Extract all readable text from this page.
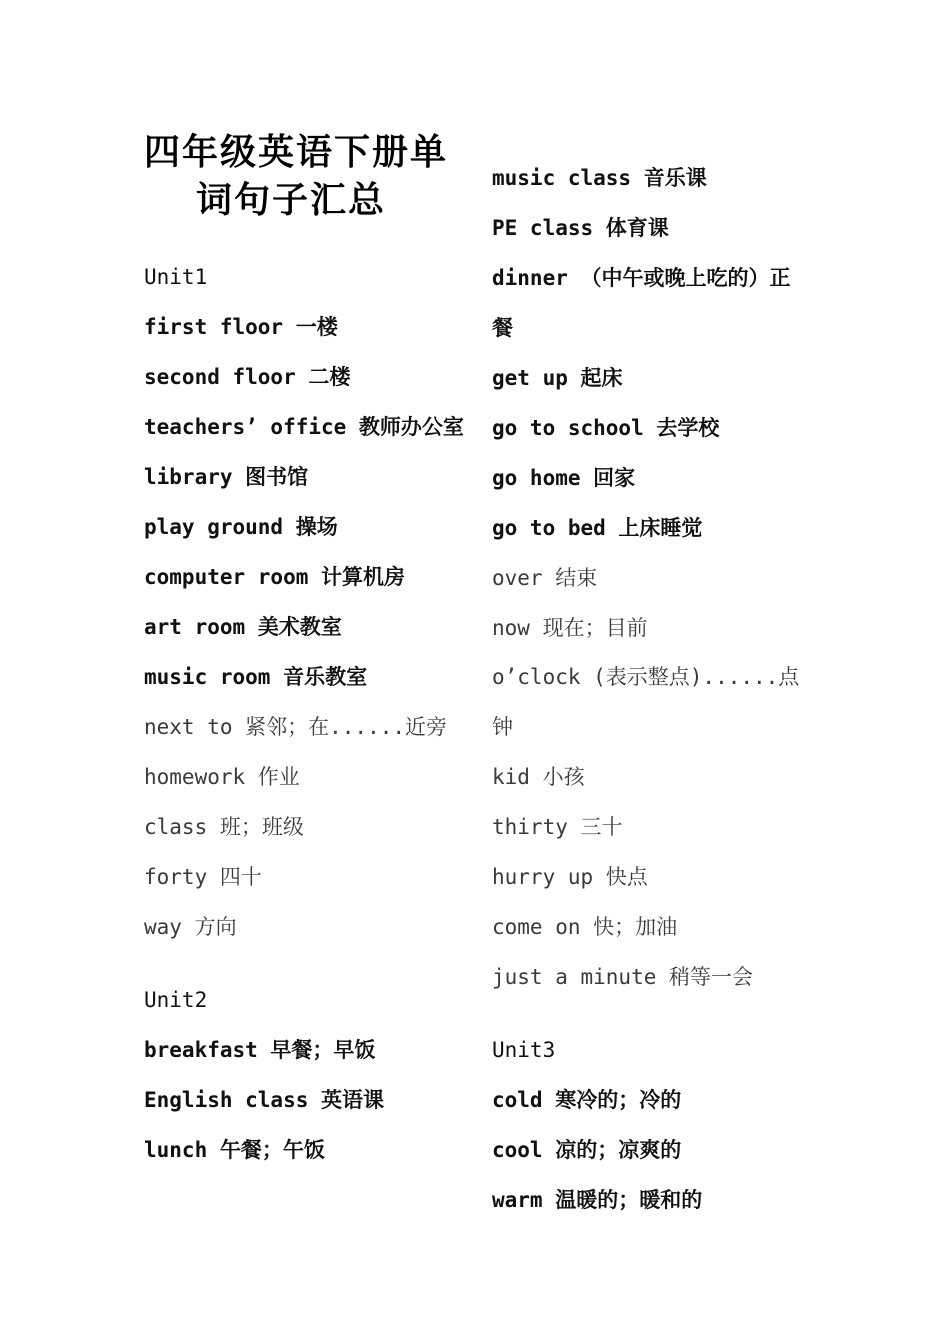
四年级英语下册单
词句子汇总
Unit1
first floor 一楼
second floor 二楼
teachers’ office 教师办公室
library 图书馆
play ground 操场
computer room 计算机房
art room 美术教室
music room 音乐教室
next to 紧邻；在......近旁
homework 作业
class 班；班级
forty 四十
way 方向
Unit2
breakfast 早餐；早饭
English class 英语课
lunch 午餐；午饭
music class 音乐课
PE class 体育课
dinner （中午或晚上吃的）正
餐
get up 起床
go to school 去学校
go home 回家
go to bed 上床睡觉
over 结束
now 现在；目前
o’clock (表示整点)......点
钟
kid 小孩
thirty 三十
hurry up 快点
come on 快；加油
just a minute 稍等一会
Unit3
cold 寒冷的；冷的
cool 凉的；凉爽的
warm 温暖的；暖和的
